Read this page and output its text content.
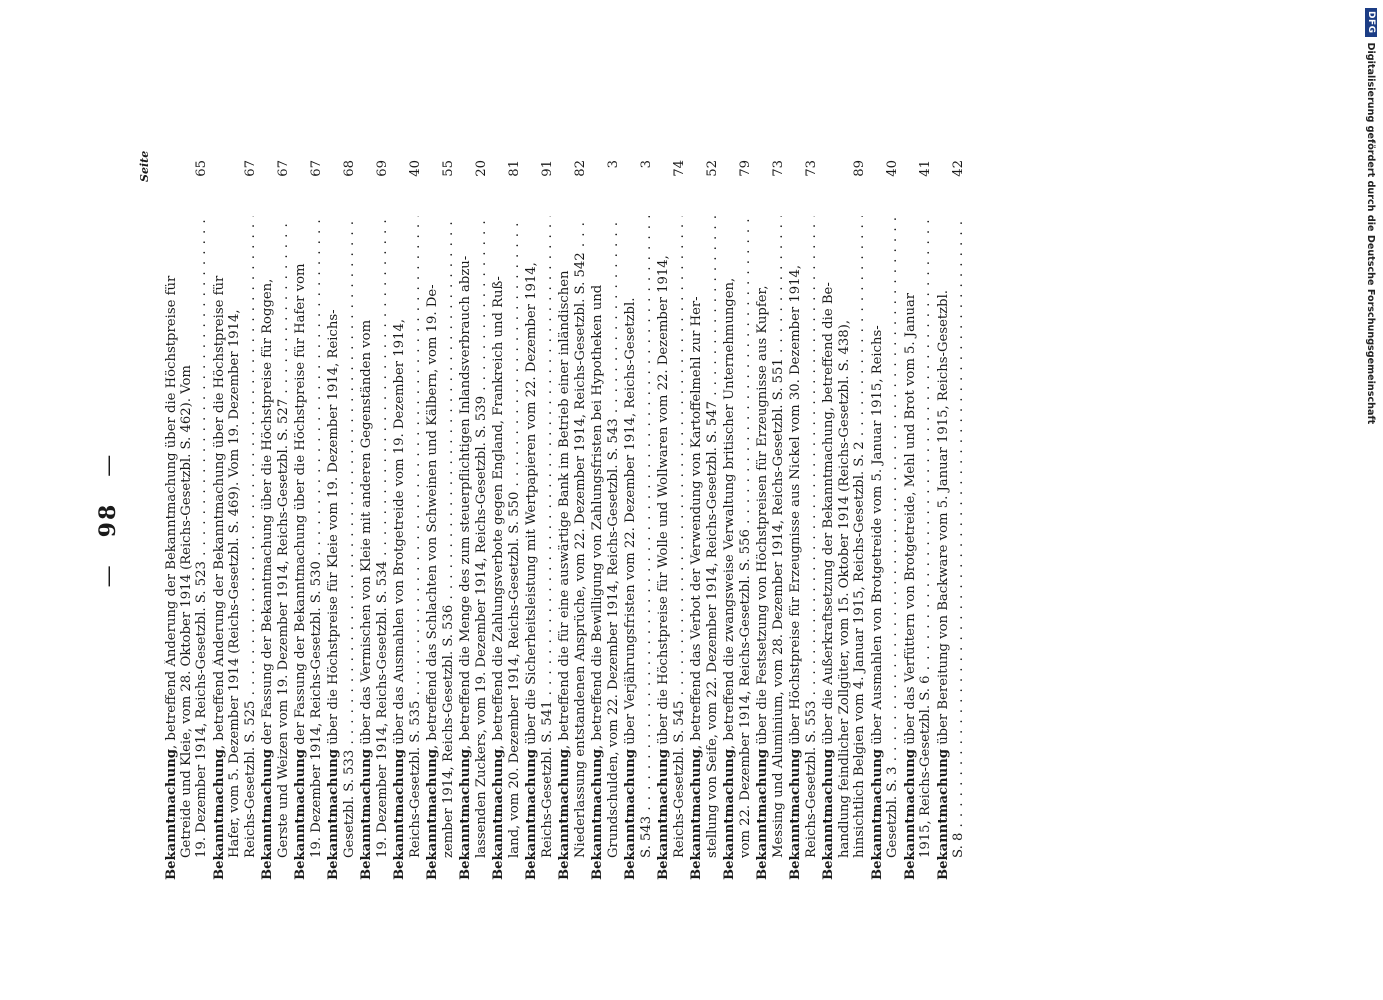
—
98
—
Seite
Bekanntmachung, betreffend Änderung der Bekanntmachung über die Höchstpreise für Getreide und Kleie, vom 28. Oktober 1914 (Reichs-Gesetzbl. S. 462). Vom 19. Dezember 1914, Reichs-Gesetzbl. S. 523 . . .
65
Bekanntmachung, betreffend Änderung der Bekanntmachung über die Höchstpreise für Hafer, vom 5. Dezember 1914 (Reichs-Gesetzbl. S. 469). Vom 19. Dezember 1914, Reichs-Gesetzbl. S. 525 . . .
67
Bekanntmachung der Fassung der Bekanntmachung über die Höchstpreise für Roggen, Gerste und Weizen vom 19. Dezember 1914, Reichs-Gesetzbl. S. 527 . . .
67
Bekanntmachung der Fassung der Bekanntmachung über die Höchstpreise für Hafer vom 19. Dezember 1914, Reichs-Gesetzbl. S. 530 . . .
67
Bekanntmachung über die Höchstpreise für Kleie vom 19. Dezember 1914, Reichs-
Gesetzbl. S. 533 . . .
68
Bekanntmachung über das Vermischen von Kleie mit anderen Gegenständen vom 19. Dezember 1914, Reichs-Gesetzbl. S. 534 . . .
69
Bekanntmachung über das Ausmahlen von Brotgetreide vom 19. Dezember 1914,
Reichs-Gesetzbl. S. 535 . . .
40
Bekanntmachung, betreffend das Schlachten von Schweinen und Kälbern, vom 19. De- zember 1914, Reichs-Gesetzbl. S. 536 . . .
55
Bekanntmachung, betreffend die Menge des zum steuerpflichtigen Inlandsverbrauch abzu- lassenden Zuckers, vom 19. Dezember 1914, Reichs-Gesetzbl. S. 539 . . .
20
Bekanntmachung, betreffend die Zahlungsverbote gegen England, Frankreich und Ruß- land, vom 20. Dezember 1914, Reichs-Gesetzbl. S. 550 . . .
81
Bekanntmachung über die Sicherheitsleistung mit Wertpapieren vom 22. Dezember 1914,
Reichs-Gesetzbl. S. 541 . . .
91
Bekanntmachung, betreffend die für eine auswärtige Bank im Betrieb einer inländischen Niederlassung entstandenen Ansprüche, vom 22. Dezember 1914, Reichs-Gesetzbl. S. 542 . . .
82
Bekanntmachung, betreffend die Bewilligung von Zahlungsfristen bei Hypotheken und Grundschulden, vom 22. Dezember 1914, Reichs-Gesetzbl. S. 543 . . .
3
Bekanntmachung über Verjährungsfristen vom 22. Dezember 1914, Reichs-Gesetzbl.
S. 543 . . .
3
Bekanntmachung über die Höchstpreise für Wolle und Wollwaren vom 22. Dezember 1914,
Reichs-Gesetzbl. S. 545 . . .
74
Bekanntmachung, betreffend das Verbot der Verwendung von Kartoffelmehl zur Her- stellung von Seife, vom 22. Dezember 1914, Reichs-Gesetzbl. S. 547 . . .
52
Bekanntmachung, betreffend die zwangsweise Verwaltung britischer Unternehmungen, vom 22. Dezember 1914, Reichs-Gesetzbl. S. 556 . . .
79
Bekanntmachung über die Festsetzung von Höchstpreisen für Erzeugnisse aus Kupfer, Messing und Aluminium, vom 28. Dezember 1914, Reichs-Gesetzbl. S. 551 . . .
73
Bekanntmachung über Höchstpreise für Erzeugnisse aus Nickel vom 30. Dezember 1914,
Reichs-Gesetzbl. S. 553 . . .
73
Bekanntmachung über die Außerkraftsetzung der Bekanntmachung, betreffend die Be- handlung feindlicher Zollgüter, vom 15. Oktober 1914 (Reichs-Gesetzbl. S. 438), hinsichtlich Belgien vom 4. Januar 1915, Reichs-Gesetzbl. S. 2 . . .
89
Bekanntmachung über Ausmahlen von Brotgetreide vom 5. Januar 1915, Reichs-
Gesetzbl. S. 3 . . .
40
Bekanntmachung über das Verfüttern von Brotgetreide, Mehl und Brot vom 5. Januar
1915, Reichs-Gesetzbl. S. 6 . . .
41
Bekanntmachung über Bereitung von Backware vom 5. Januar 1915, Reichs-Gesetzbl.
S. 8 . . .
42
DFG
Digitalisierung gefördert durch die Deutsche Forschungsgemeinschaft
